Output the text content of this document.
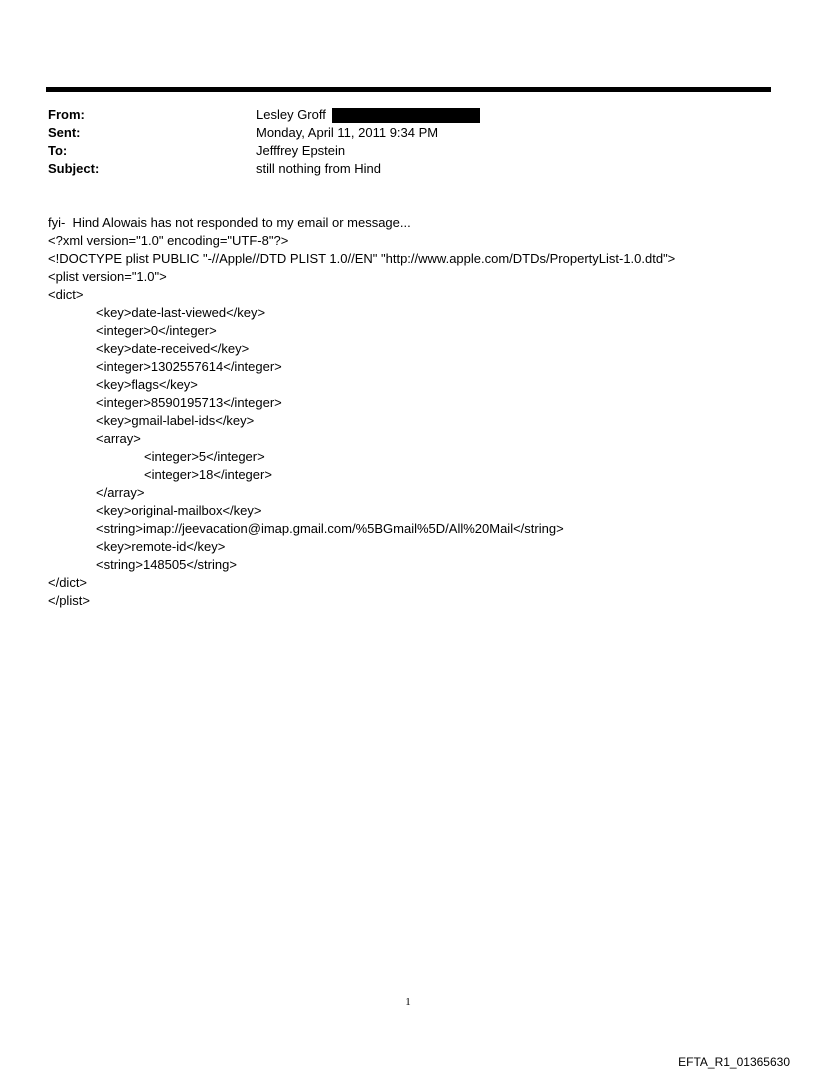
From:	Lesley Groff
Sent:	Monday, April 11, 2011 9:34 PM
To:	Jefffrey Epstein
Subject:	still nothing from Hind
fyi-  Hind Alowais has not responded to my email or message...
<?xml version="1.0" encoding="UTF-8"?>
<!DOCTYPE plist PUBLIC "-//Apple//DTD PLIST 1.0//EN" "http://www.apple.com/DTDs/PropertyList-1.0.dtd">
<plist version="1.0">
<dict>
<key>date-last-viewed</key>
<integer>0</integer>
<key>date-received</key>
<integer>1302557614</integer>
<key>flags</key>
<integer>8590195713</integer>
<key>gmail-label-ids</key>
<array>
<integer>5</integer>
<integer>18</integer>
</array>
<key>original-mailbox</key>
<string>imap://jeevacation@imap.gmail.com/%5BGmail%5D/All%20Mail</string>
<key>remote-id</key>
<string>148505</string>
</dict>
</plist>
1
EFTA_R1_01365630
